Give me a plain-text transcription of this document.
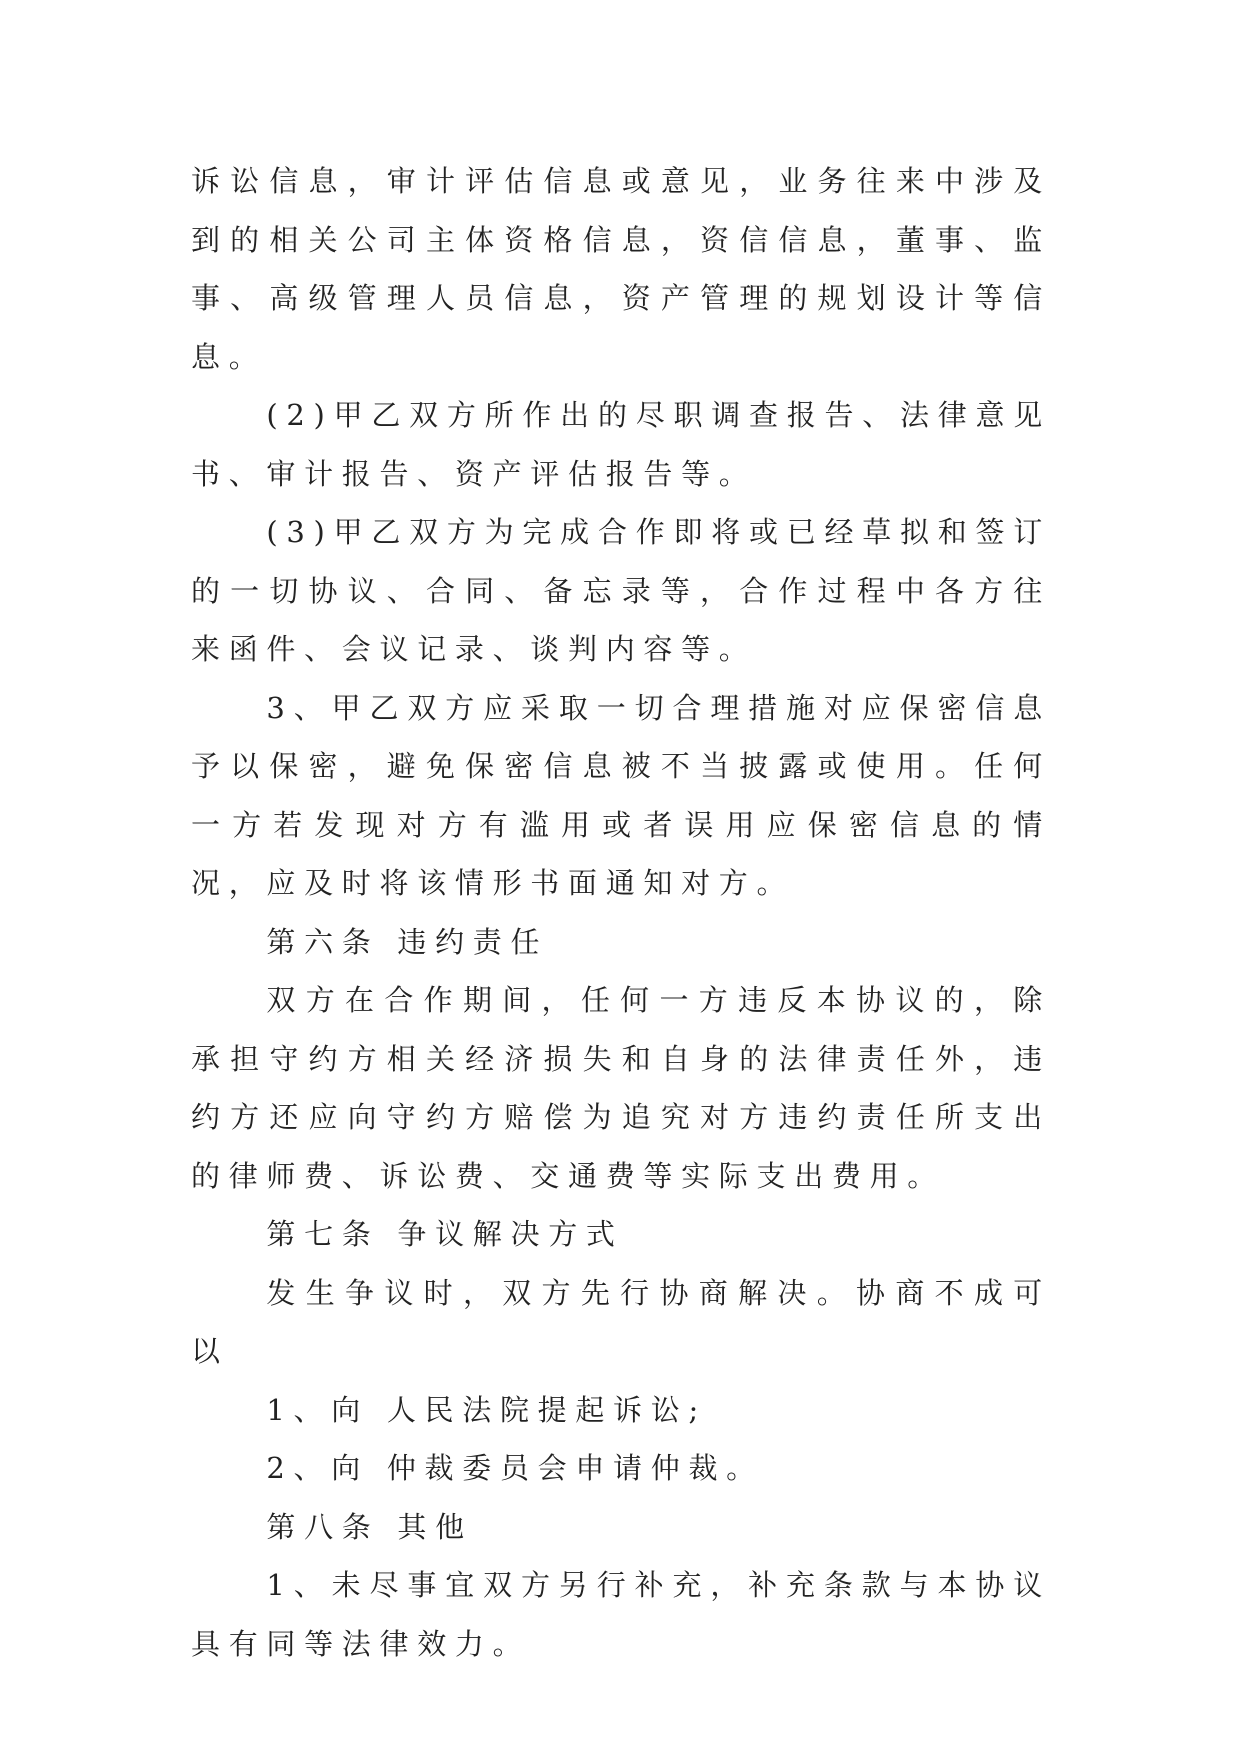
诉讼信息，审计评估信息或意见，业务往来中涉及到的相关公司主体资格信息，资信信息，董事、监事、高级管理人员信息，资产管理的规划设计等信息。

(2)甲乙双方所作出的尽职调查报告、法律意见书、审计报告、资产评估报告等。

(3)甲乙双方为完成合作即将或已经草拟和签订的一切协议、合同、备忘录等，合作过程中各方往来函件、会议记录、谈判内容等。

3、甲乙双方应采取一切合理措施对应保密信息予以保密，避免保密信息被不当披露或使用。任何一方若发现对方有滥用或者误用应保密信息的情况，应及时将该情形书面通知对方。

第六条 违约责任

双方在合作期间，任何一方违反本协议的，除承担守约方相关经济损失和自身的法律责任外，违约方还应向守约方赔偿为追究对方违约责任所支出的律师费、诉讼费、交通费等实际支出费用。

第七条 争议解决方式

发生争议时，双方先行协商解决。协商不成可以

1、向 人民法院提起诉讼;

2、向 仲裁委员会申请仲裁。

第八条 其他

1、未尽事宜双方另行补充，补充条款与本协议具有同等法律效力。
